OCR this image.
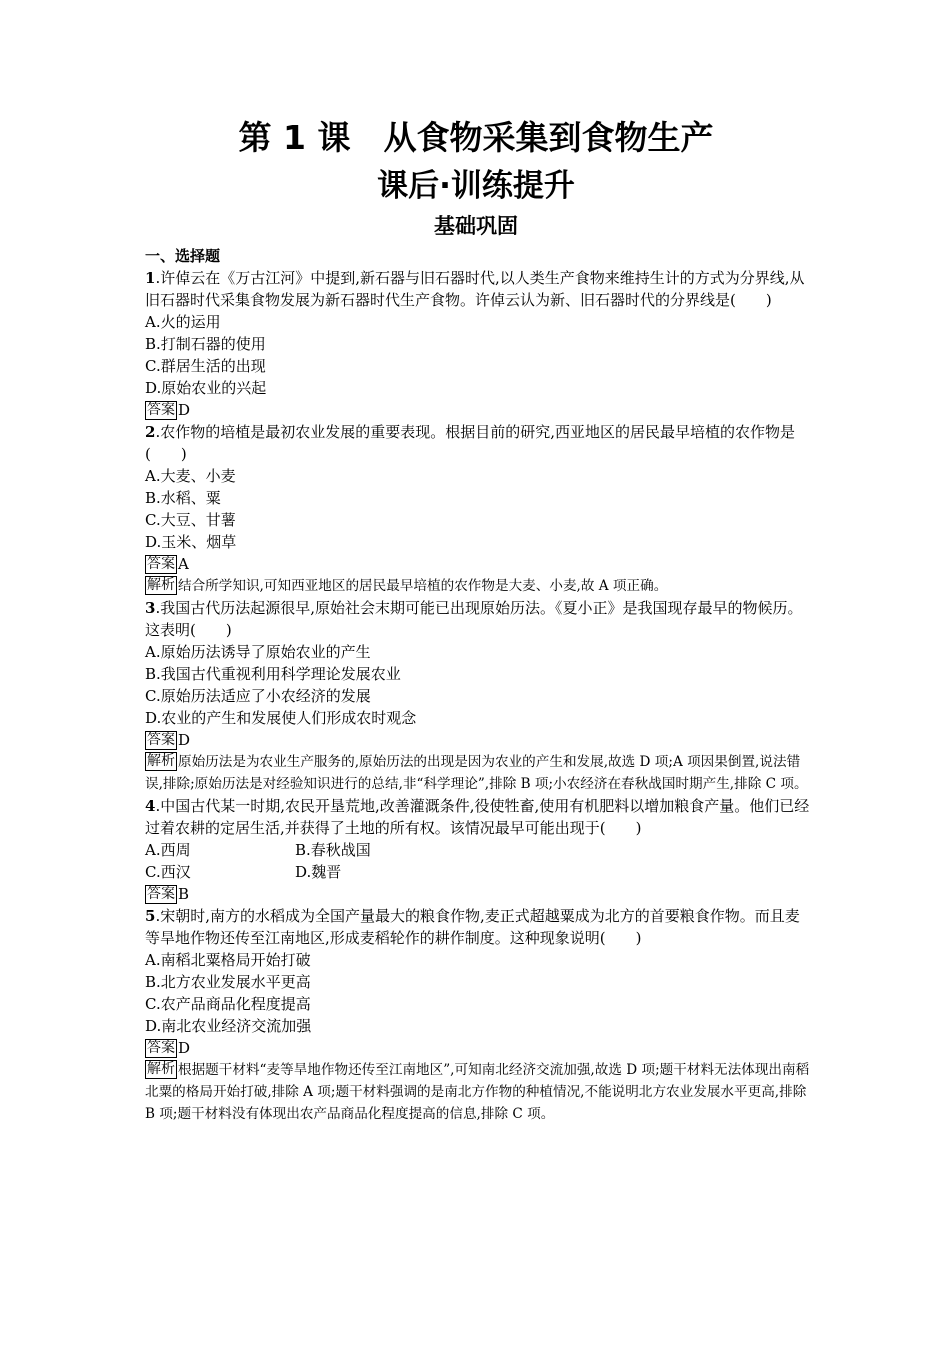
第 1 课　从食物采集到食物生产
课后·训练提升
基础巩固
一、选择题
1.许倬云在《万古江河》中提到,新石器与旧石器时代,以人类生产食物来维持生计的方式为分界线,从旧石器时代采集食物发展为新石器时代生产食物。许倬云认为新、旧石器时代的分界线是(　　)
A.火的运用
B.打制石器的使用
C.群居生活的出现
D.原始农业的兴起
答案 D
2.农作物的培植是最初农业发展的重要表现。根据目前的研究,西亚地区的居民最早培植的农作物是(　　)
A.大麦、小麦
B.水稻、粟
C.大豆、甘薯
D.玉米、烟草
答案 A
解析 结合所学知识,可知西亚地区的居民最早培植的农作物是大麦、小麦,故 A 项正确。
3.我国古代历法起源很早,原始社会末期可能已出现原始历法。《夏小正》是我国现存最早的物候历。这表明(　　)
A.原始历法诱导了原始农业的产生
B.我国古代重视利用科学理论发展农业
C.原始历法适应了小农经济的发展
D.农业的产生和发展使人们形成农时观念
答案 D
解析 原始历法是为农业生产服务的,原始历法的出现是因为农业的产生和发展,故选 D 项;A 项因果倒置,说法错误,排除;原始历法是对经验知识进行的总结,非“科学理论”,排除 B 项;小农经济在春秋战国时期产生,排除 C 项。
4.中国古代某一时期,农民开垦荒地,改善灌溉条件,役使牲畜,使用有机肥料以增加粮食产量。他们已经过着农耕的定居生活,并获得了土地的所有权。该情况最早可能出现于(　　)
A.西周	B.春秋战国
C.西汉	D.魏晋
答案 B
5.宋朝时,南方的水稻成为全国产量最大的粮食作物,麦正式超越粟成为北方的首要粮食作物。而且麦等旱地作物还传至江南地区,形成麦稻轮作的耕作制度。这种现象说明(　　)
A.南稻北粟格局开始打破
B.北方农业发展水平更高
C.农产品商品化程度提高
D.南北农业经济交流加强
答案 D
解析 根据题干材料“麦等旱地作物还传至江南地区”,可知南北经济交流加强,故选 D 项;题干材料无法体现出南稻北粟的格局开始打破,排除 A 项;题干材料强调的是南北方作物的种植情况,不能说明北方农业发展水平更高,排除 B 项;题干材料没有体现出农产品商品化程度提高的信息,排除 C 项。
